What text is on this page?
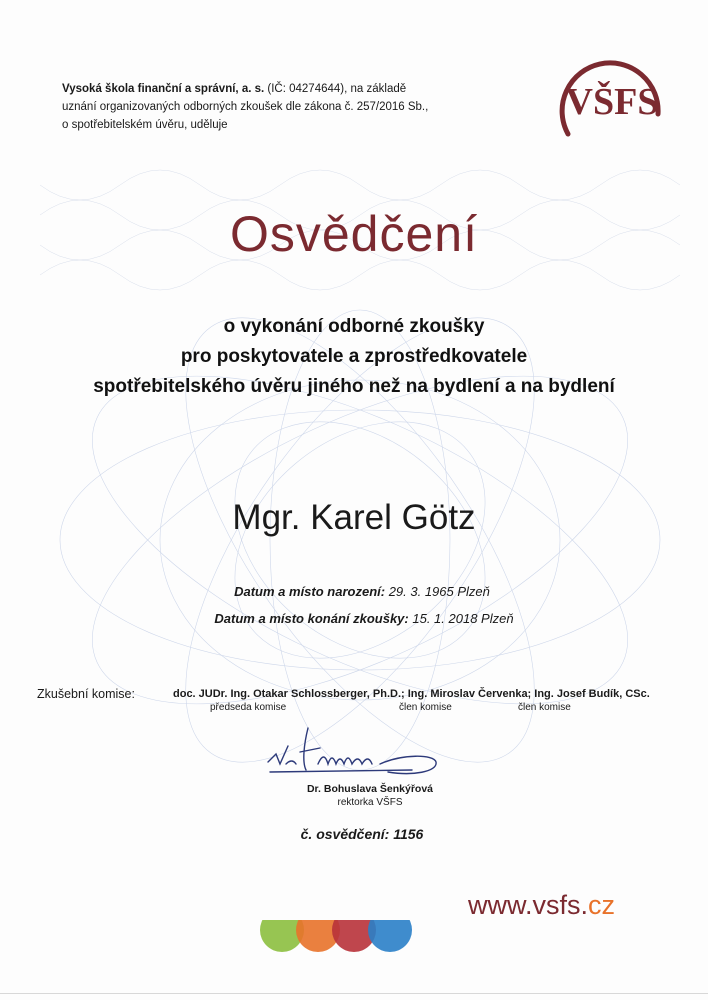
Vysoká škola finanční a správní, a. s. (IČ: 04274644), na základě
uznání organizovaných odborných zkoušek dle zákona č. 257/2016 Sb.,
o spotřebitelském úvěru, uděluje
VŠFS
Osvědčení
o vykonání odborné zkoušky
pro poskytovatele a zprostředkovatele
spotřebitelského úvěru jiného než na bydlení a na bydlení
Mgr. Karel Götz
Datum a místo narození: 29. 3. 1965 Plzeň
Datum a místo konání zkoušky: 15. 1. 2018 Plzeň
Zkušební komise:	doc. JUDr. Ing. Otakar Schlossberger, Ph.D.; Ing. Miroslav Červenka; Ing. Josef Budík, CSc.
předseda komise	člen komise	člen komise
Dr. Bohuslava Šenkýřová
rektorka VŠFS
č. osvědčení: 1156
www.vsfs.cz
